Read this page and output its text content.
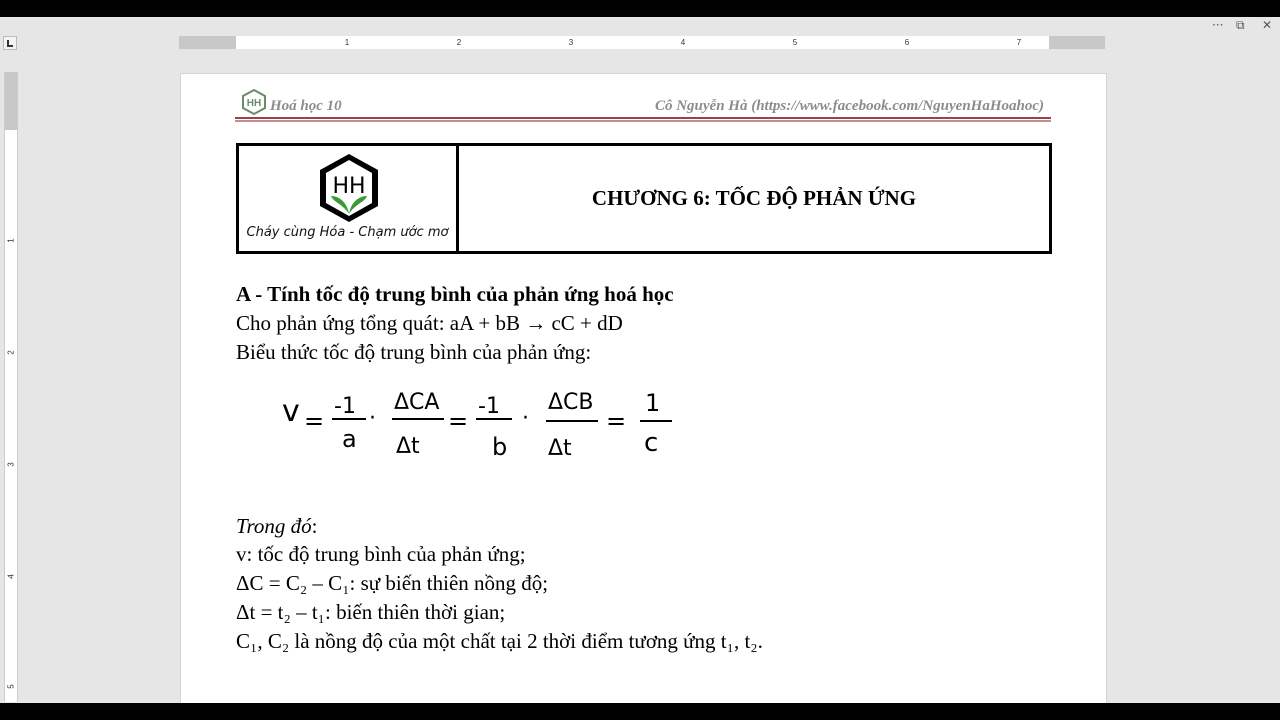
··· ⧉ ✕
1	2	3	4	5	6	7
1
2
3
4
5
HH Hoá học 10	Cô Nguyễn Hà (https://www.facebook.com/NguyenHaHoahoc)
HH
Cháy cùng Hóa - Chạm ước mơ
CHƯƠNG 6: TỐC ĐỘ PHẢN ỨNG
A - Tính tốc độ trung bình của phản ứng hoá học
Cho phản ứng tổng quát: aA + bB → cC + dD
Biểu thức tốc độ trung bình của phản ứng:
v =
-1
a
·
ΔCA
Δt
=
-1
b
·
ΔCB
Δt
=
1
c
Trong đó:
v: tốc độ trung bình của phản ứng;
ΔC = C₂ – C₁: sự biến thiên nồng độ;
Δt = t₂ – t₁: biến thiên thời gian;
C₁, C₂ là nồng độ của một chất tại 2 thời điểm tương ứng t₁, t₂.
